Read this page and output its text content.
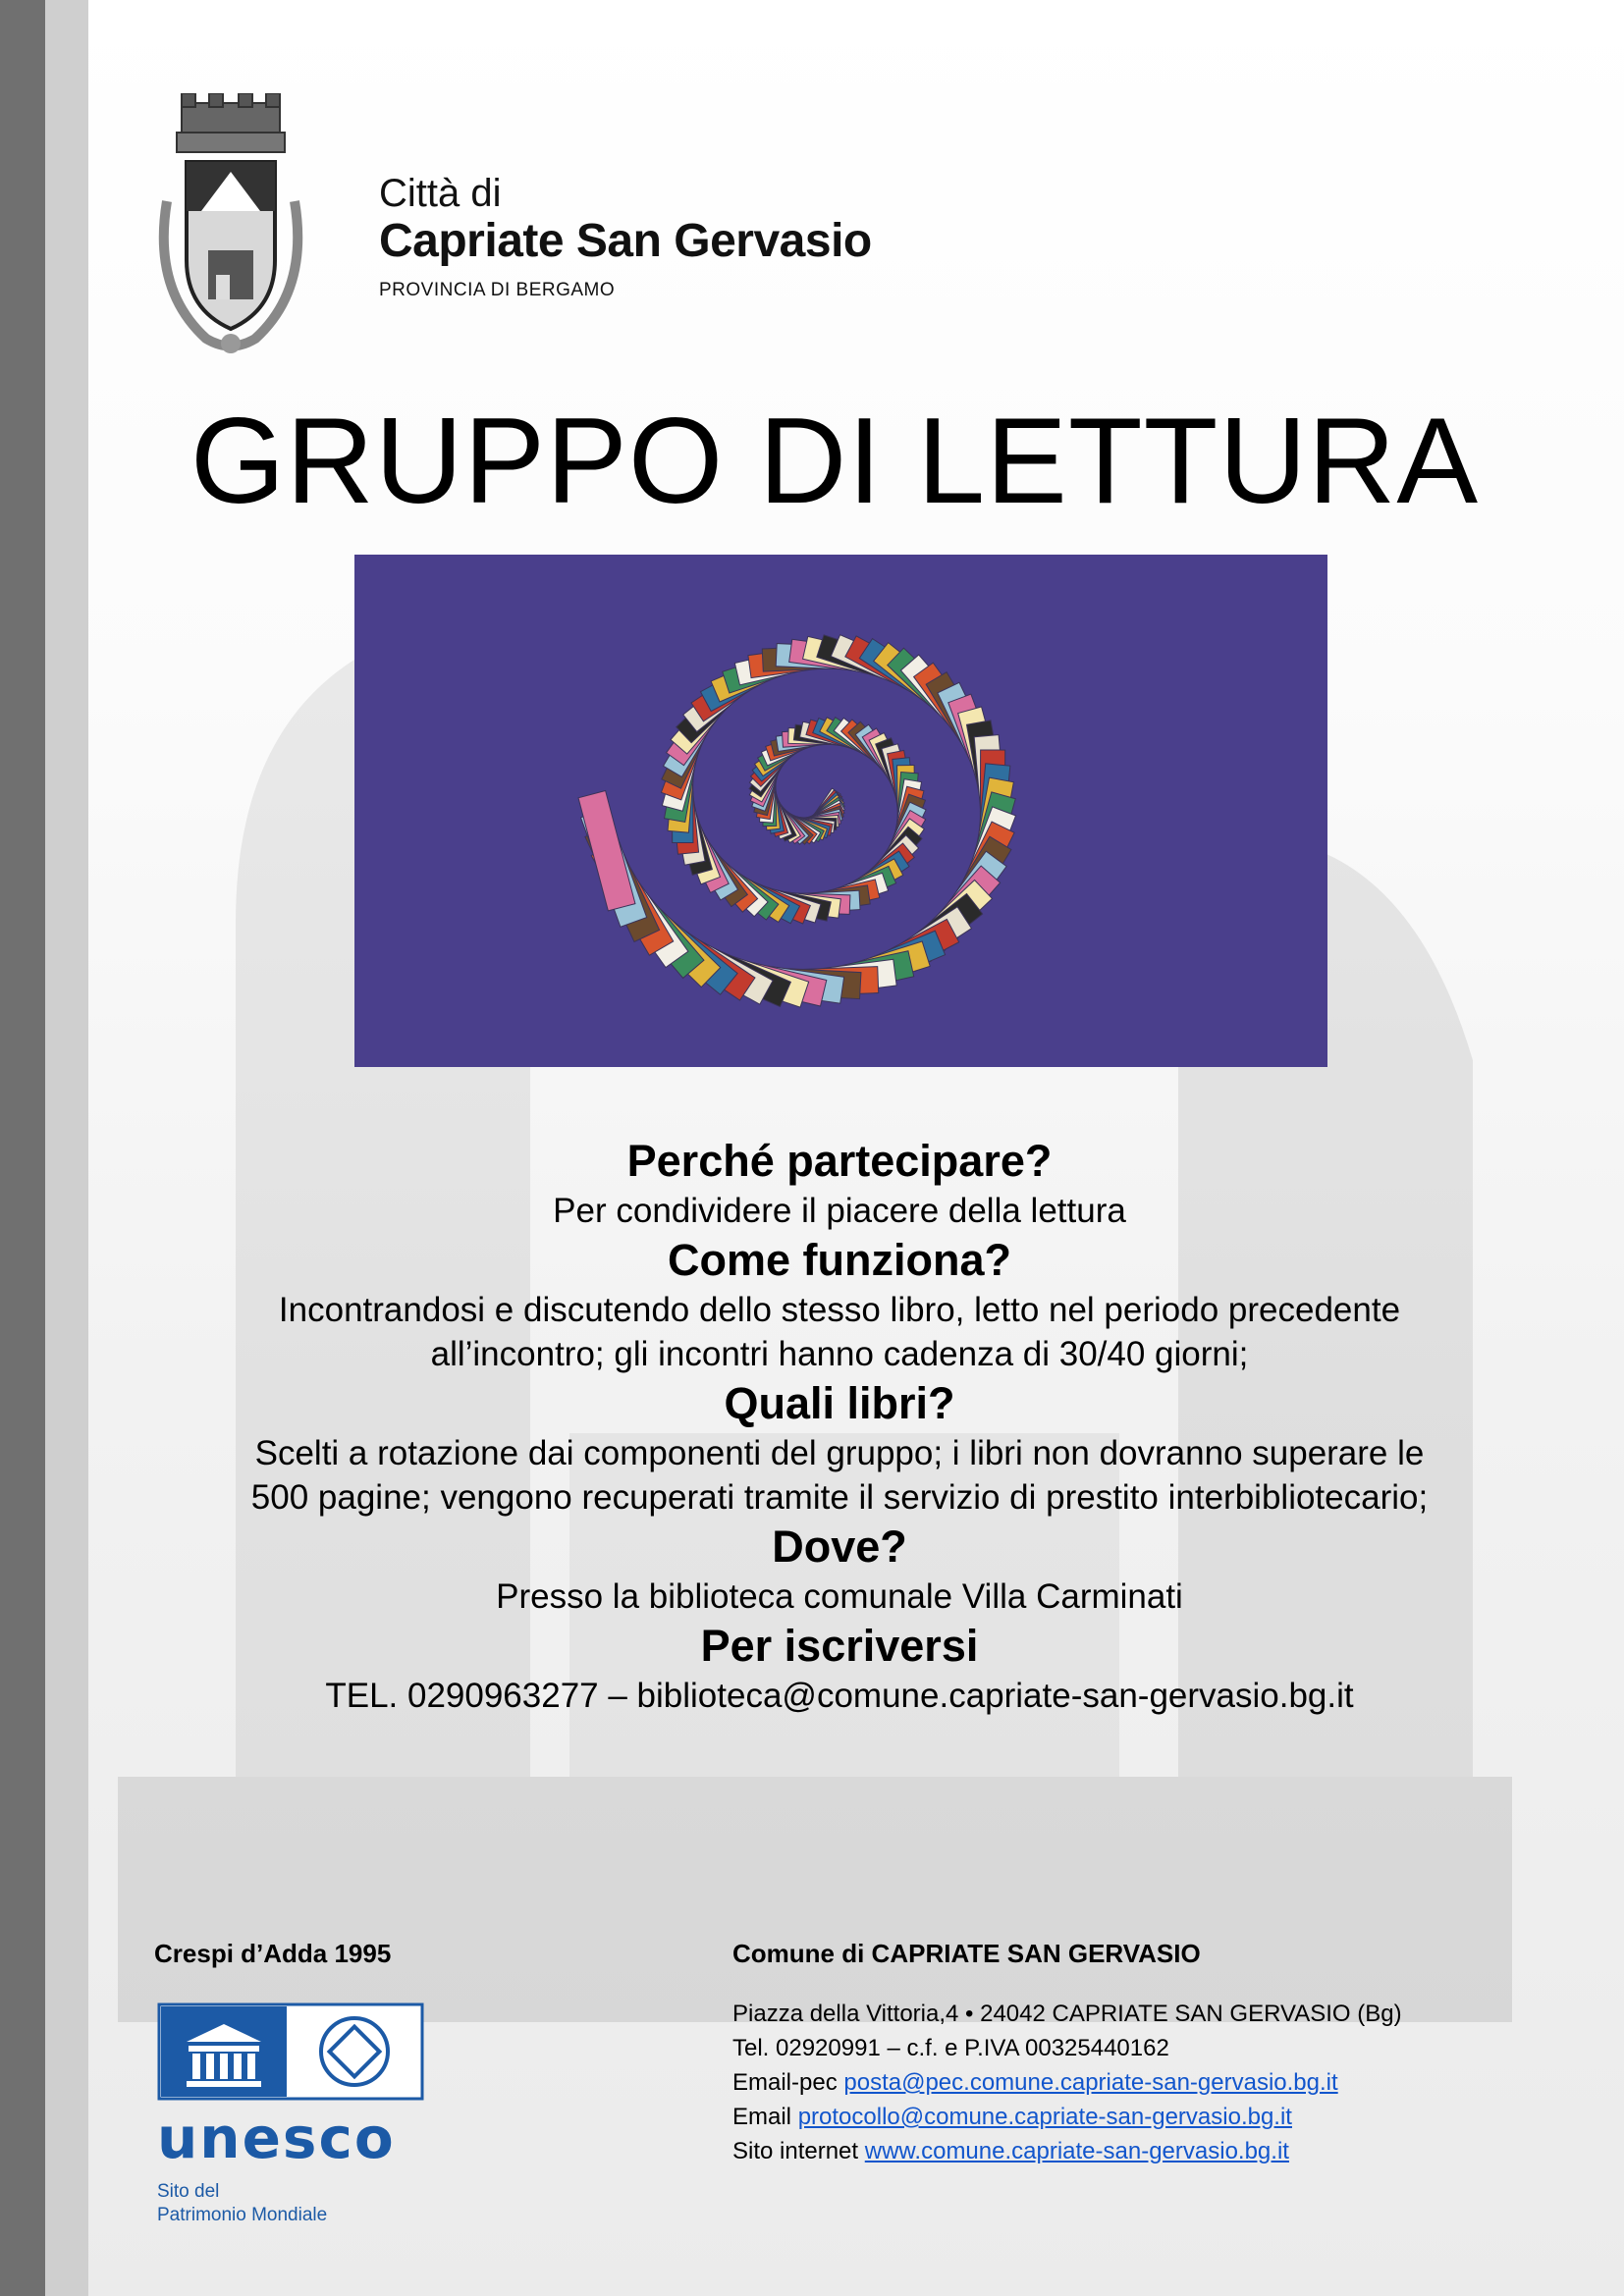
Città di
Capriate San Gervasio
PROVINCIA DI BERGAMO
GRUPPO DI LETTURA
Perché partecipare?
Per condividere il piacere della lettura
Come funziona?
Incontrandosi e discutendo dello stesso libro, letto nel periodo precedente
all’incontro; gli incontri hanno cadenza di 30/40 giorni;
Quali libri?
Scelti a rotazione dai componenti del gruppo; i libri non dovranno superare le
500 pagine; vengono recuperati tramite il servizio di prestito interbibliotecario;
Dove?
Presso la biblioteca comunale Villa Carminati
Per iscriversi
TEL. 0290963277 – biblioteca@comune.capriate-san-gervasio.bg.it
Crespi d’Adda 1995
unesco
Sito del
Patrimonio Mondiale
Comune di CAPRIATE SAN GERVASIO
Piazza della Vittoria,4 • 24042 CAPRIATE SAN GERVASIO (Bg)
Tel. 02920991 – c.f. e P.IVA 00325440162
Email-pec posta@pec.comune.capriate-san-gervasio.bg.it
Email protocollo@comune.capriate-san-gervasio.bg.it
Sito internet www.comune.capriate-san-gervasio.bg.it
